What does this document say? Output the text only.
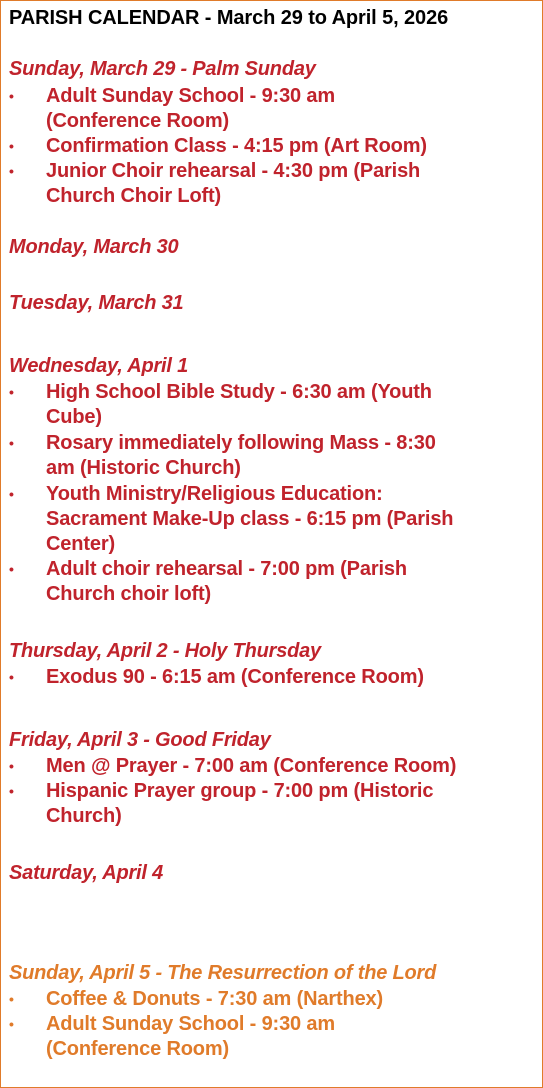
PARISH CALENDAR - March 29 to April 5, 2026
Sunday, March 29 - Palm Sunday
• Adult Sunday School - 9:30 am
(Conference Room)
• Confirmation Class - 4:15 pm (Art Room)
• Junior Choir rehearsal - 4:30 pm (Parish
Church Choir Loft)
Monday, March 30
Tuesday, March 31
Wednesday, April 1
• High School Bible Study - 6:30 am (Youth
Cube)
• Rosary immediately following Mass - 8:30
am (Historic Church)
• Youth Ministry/Religious Education:
Sacrament Make-Up class - 6:15 pm (Parish
Center)
• Adult choir rehearsal - 7:00 pm (Parish
Church choir loft)
Thursday, April 2 - Holy Thursday
• Exodus 90 - 6:15 am (Conference Room)
Friday, April 3 - Good Friday
• Men @ Prayer - 7:00 am (Conference Room)
• Hispanic Prayer group - 7:00 pm (Historic
Church)
Saturday, April 4
Sunday, April 5 - The Resurrection of the Lord
• Coffee & Donuts - 7:30 am (Narthex)
• Adult Sunday School - 9:30 am
(Conference Room)
